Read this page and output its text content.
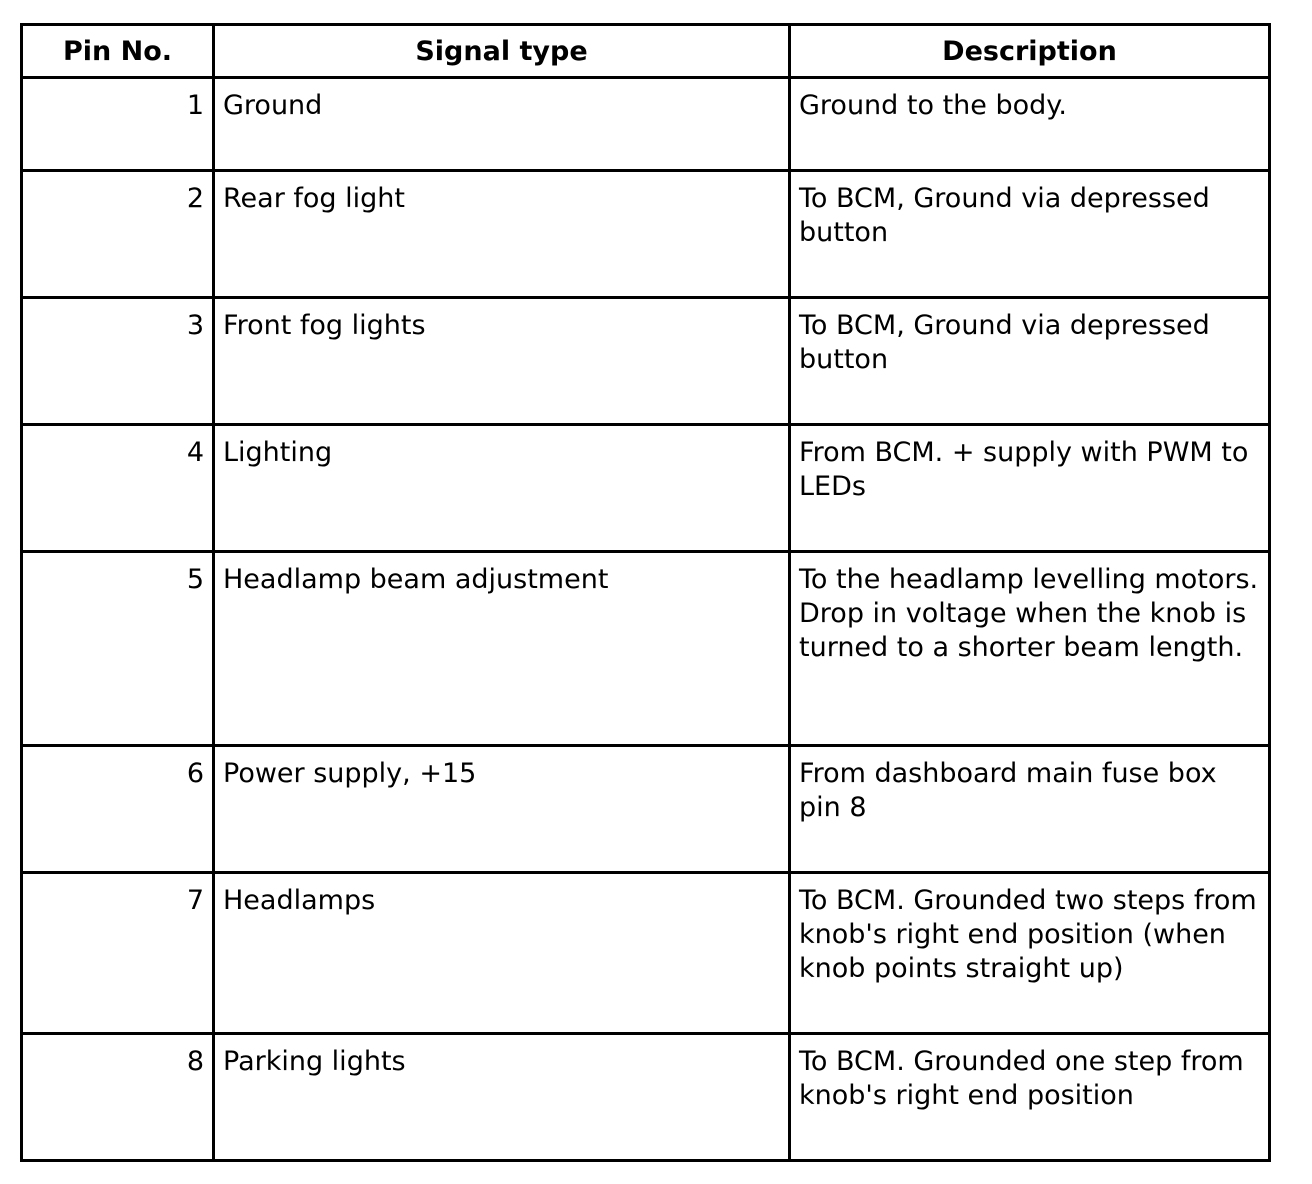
Pin No.	Signal type	Description
1	Ground	Ground to the body.
2	Rear fog light	To BCM, Ground via depressed button
3	Front fog lights	To BCM, Ground via depressed button
4	Lighting	From BCM. + supply with PWM to LEDs
5	Headlamp beam adjustment	To the headlamp levelling motors. Drop in voltage when the knob is turned to a shorter beam length.
6	Power supply, +15	From dashboard main fuse box pin 8
7	Headlamps	To BCM. Grounded two steps from knob's right end position (when knob points straight up)
8	Parking lights	To BCM. Grounded one step from knob's right end position
